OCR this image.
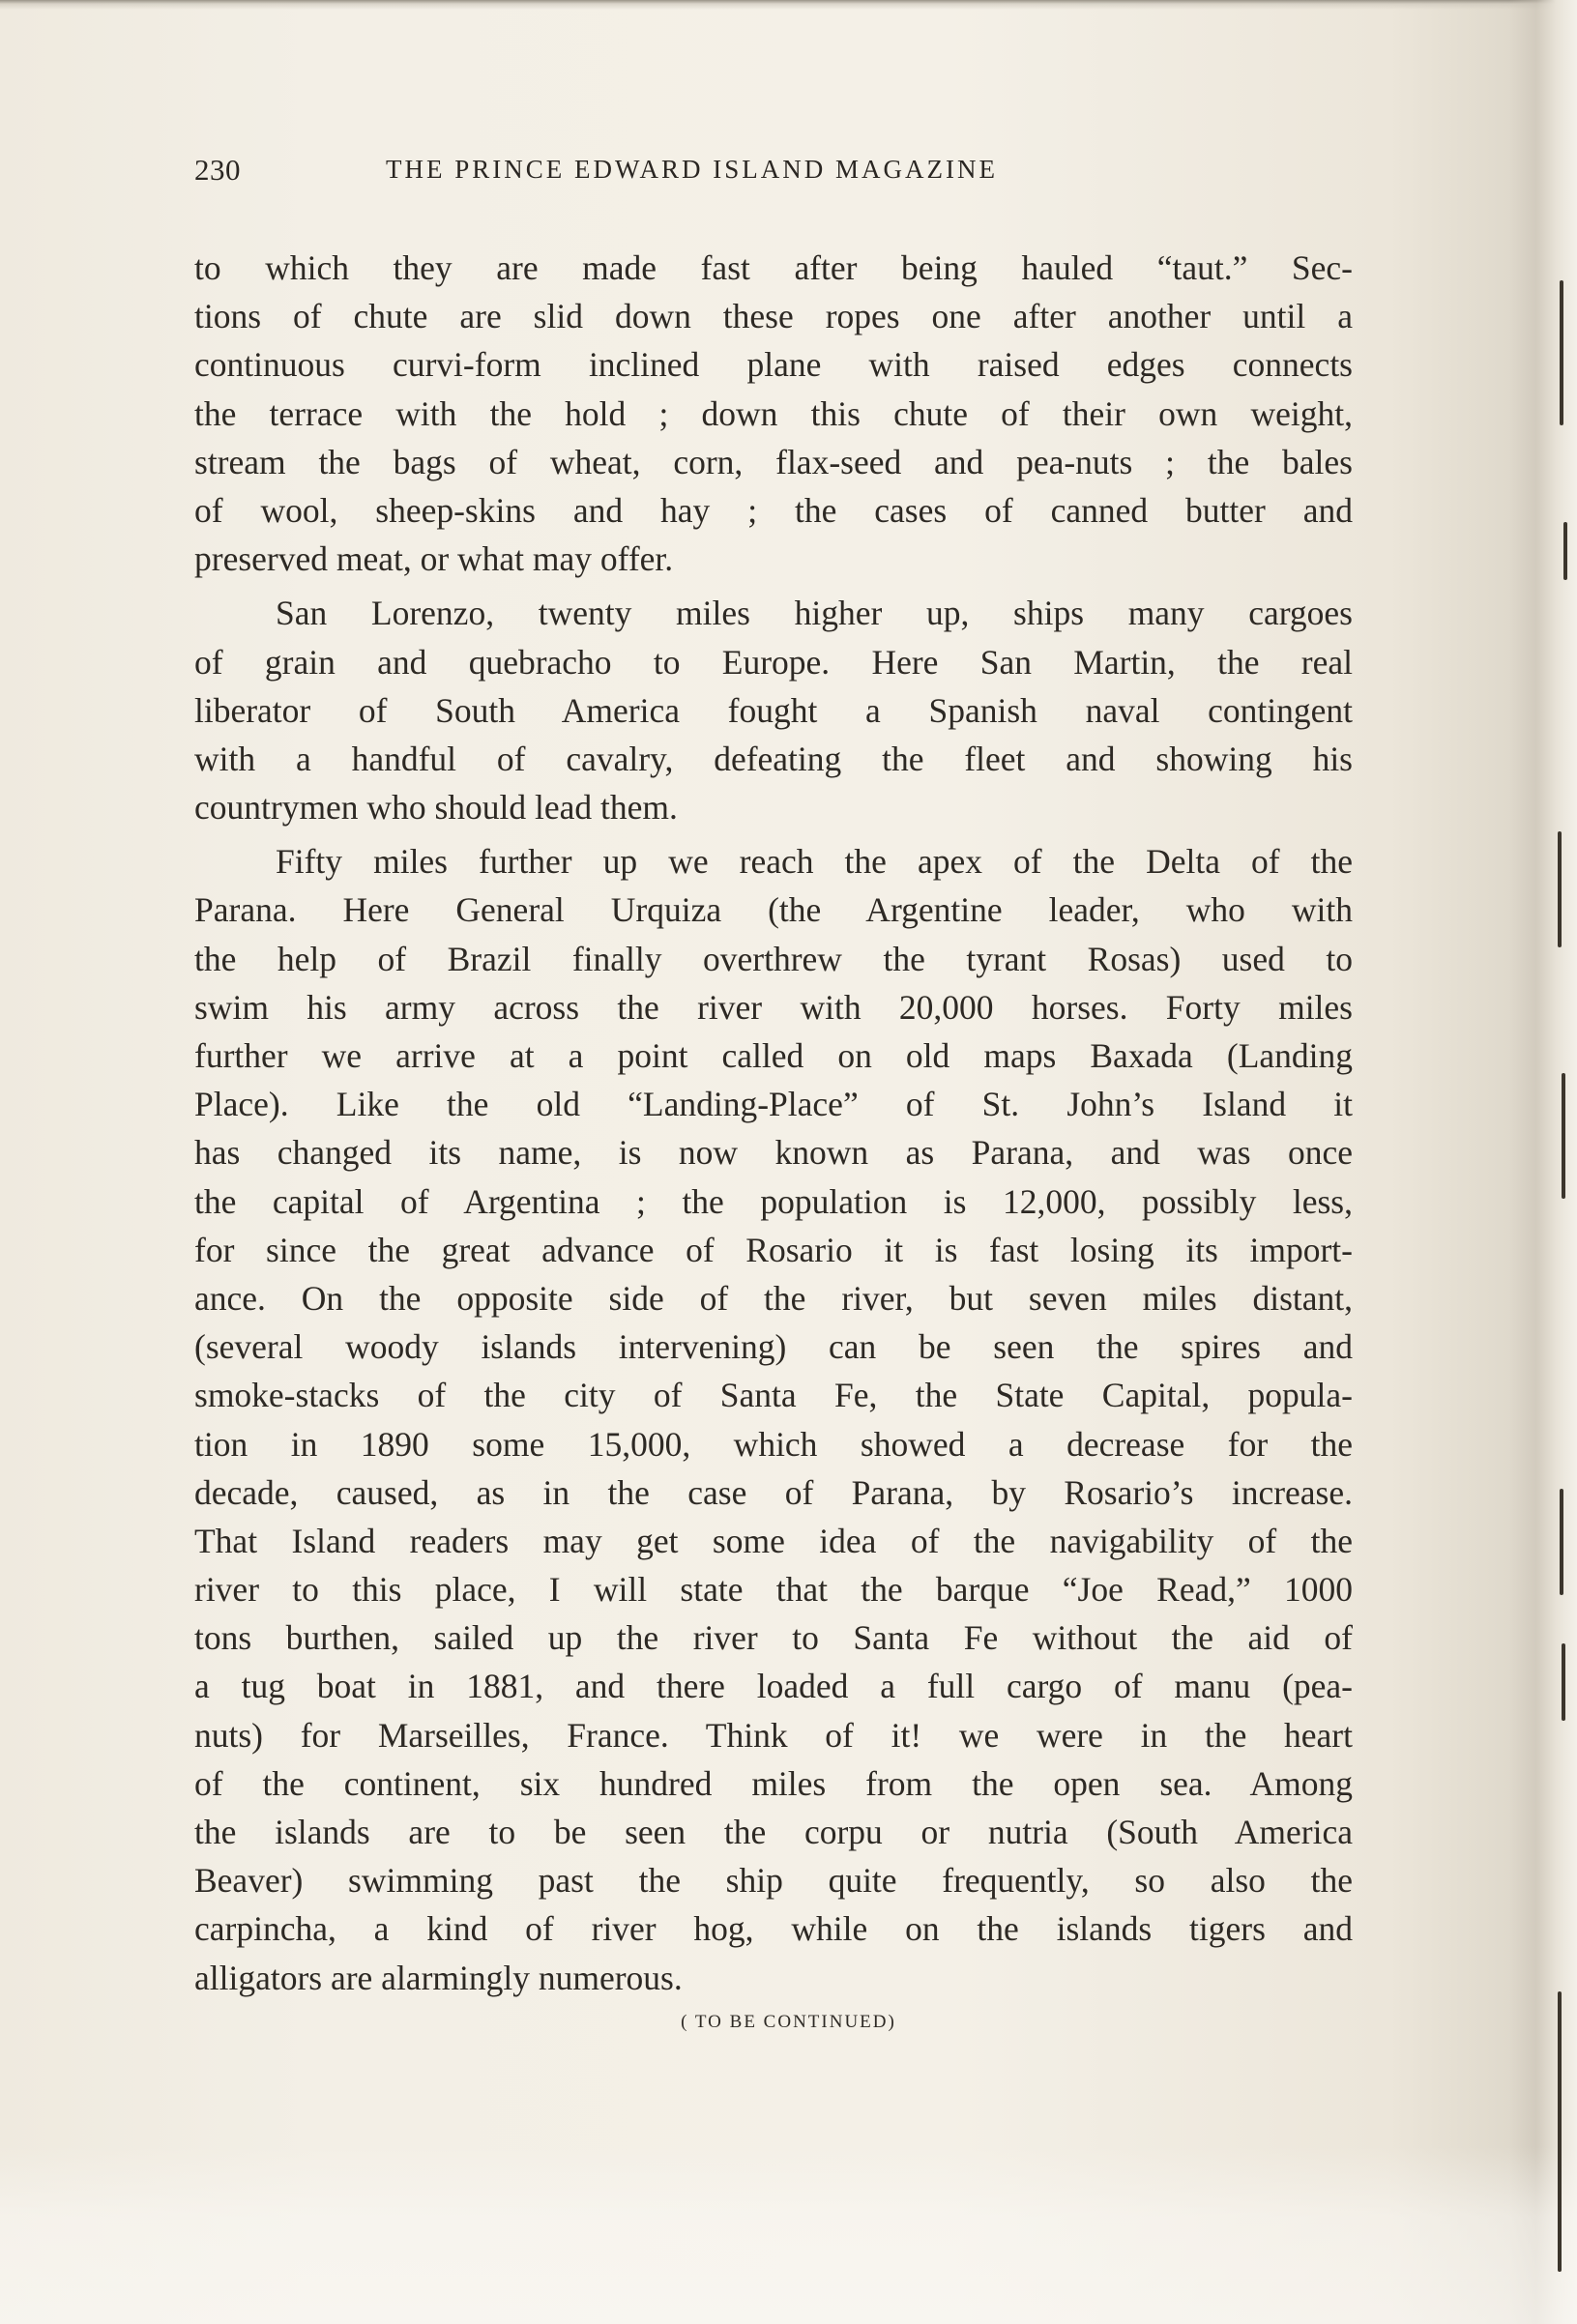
230	THE PRINCE EDWARD ISLAND MAGAZINE
to which they are made fast after being hauled “taut.” Sec-
tions of chute are slid down these ropes one after another until a
continuous curvi-form inclined plane with raised edges connects
the terrace with the hold ; down this chute of their own weight,
stream the bags of wheat, corn, flax-seed and pea-nuts ; the bales
of wool, sheep-skins and hay ; the cases of canned butter and
preserved meat, or what may offer.
San Lorenzo, twenty miles higher up, ships many cargoes
of grain and quebracho to Europe. Here San Martin, the real
liberator of South America fought a Spanish naval contingent
with a handful of cavalry, defeating the fleet and showing his
countrymen who should lead them.
Fifty miles further up we reach the apex of the Delta of the
Parana. Here General Urquiza (the Argentine leader, who with
the help of Brazil finally overthrew the tyrant Rosas) used to
swim his army across the river with 20,000 horses. Forty miles
further we arrive at a point called on old maps Baxada (Landing
Place). Like the old “Landing-Place” of St. John’s Island it
has changed its name, is now known as Parana, and was once
the capital of Argentina ; the population is 12,000, possibly less,
for since the great advance of Rosario it is fast losing its import-
ance. On the opposite side of the river, but seven miles distant,
(several woody islands intervening) can be seen the spires and
smoke-stacks of the city of Santa Fe, the State Capital, popula-
tion in 1890 some 15,000, which showed a decrease for the
decade, caused, as in the case of Parana, by Rosario’s increase.
That Island readers may get some idea of the navigability of the
river to this place, I will state that the barque “Joe Read,” 1000
tons burthen, sailed up the river to Santa Fe without the aid of
a tug boat in 1881, and there loaded a full cargo of manu (pea-
nuts) for Marseilles, France. Think of it! we were in the heart
of the continent, six hundred miles from the open sea. Among
the islands are to be seen the corpu or nutria (South America
Beaver) swimming past the ship quite frequently, so also the
carpincha, a kind of river hog, while on the islands tigers and
alligators are alarmingly numerous.
( TO BE CONTINUED)
